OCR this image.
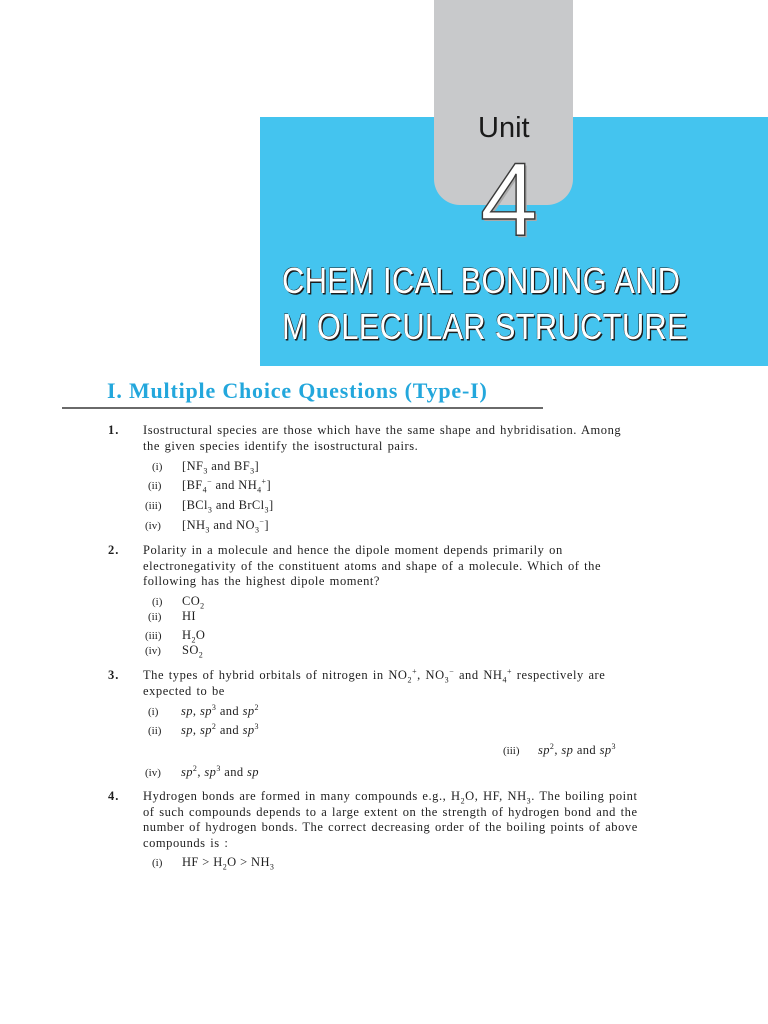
Unit
4
CHEM ICAL BONDING AND
M OLECULAR STRUCTURE
I. Multiple Choice Questions (Type-I)
1. Isostructural species are those which have the same shape and hybridisation. Among the given species identify the isostructural pairs.
(i) [$NF_3$ and $BF_3$]
(ii) [$BF_4^-$ and $NH_4^+$]
(iii) [BCl$_3$ and BrCl$_3$]
(iv) [$NH_3$ and $NO_3^-$]
2. Polarity in a molecule and hence the dipole moment depends primarily on electronegativity of the constituent atoms and shape of a molecule. Which of the following has the highest dipole moment?
(i) $CO_2$
(ii) HI
(iii) $H_2O$
(iv) $SO_2$
3. The types of hybrid orbitals of nitrogen in $NO_2^+$, $NO_3^-$ and $NH_4^+$ respectively are expected to be
(i) sp, $sp^3$ and $sp^2$
(ii) sp, $sp^2$ and $sp^3$
(iii) $sp^2$, sp and $sp^3$
(iv) $sp^2$, $sp^3$ and sp
4. Hydrogen bonds are formed in many compounds e.g., $H_2O$, HF, $NH_3$. The boiling point of such compounds depends to a large extent on the strength of hydrogen bond and the number of hydrogen bonds. The correct decreasing order of the boiling points of above compounds is :
(i) HF > $H_2O > NH_3$
